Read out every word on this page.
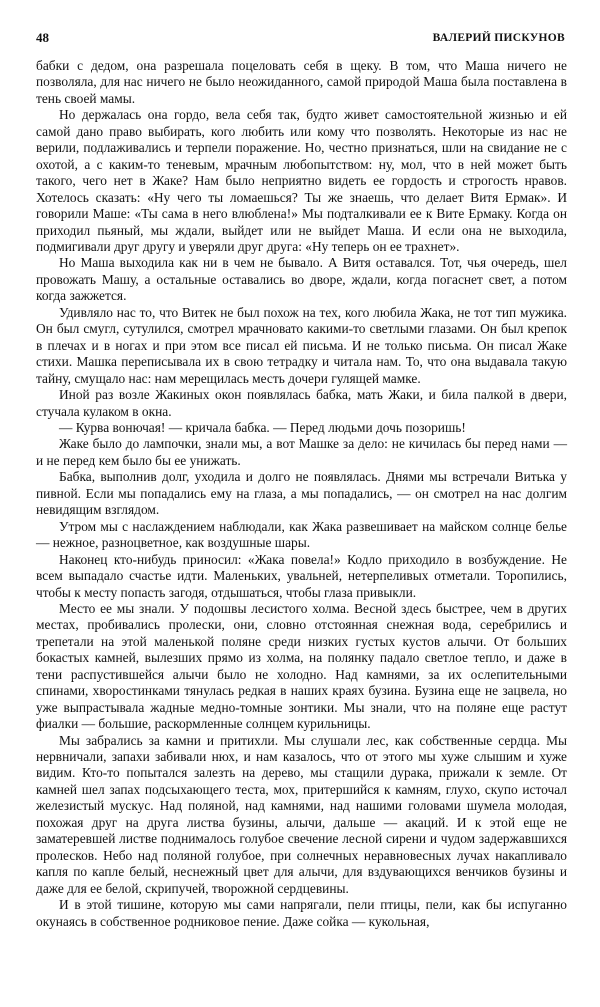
48	ВАЛЕРИЙ ПИСКУНОВ

бабки с дедом, она разрешала поцеловать себя в щеку. В том, что Маша ничего не позволяла, для нас ничего не было неожиданного, самой природой Маша была поставлена в тень своей мамы.

Но держалась она гордо, вела себя так, будто живет самостоятельной жизнью и ей самой дано право выбирать, кого любить или кому что позволять. Некоторые из нас не верили, подлаживались и терпели поражение. Но, честно признаться, шли на свидание не с охотой, а с каким-то теневым, мрачным любопытством: ну, мол, что в ней может быть такого, чего нет в Жаке? Нам было неприятно видеть ее гордость и строгость нравов. Хотелось сказать: «Ну чего ты ломаешься? Ты же знаешь, что делает Витя Ермак». И говорили Маше: «Ты сама в него влюблена!» Мы подталкивали ее к Вите Ермаку. Когда он приходил пьяный, мы ждали, выйдет или не выйдет Маша. И если она не выходила, подмигивали друг другу и уверяли друг друга: «Ну теперь он ее трахнет».

Но Маша выходила как ни в чем не бывало. А Витя оставался. Тот, чья очередь, шел провожать Машу, а остальные оставались во дворе, ждали, когда погаснет свет, а потом когда зажжется.

Удивляло нас то, что Витек не был похож на тех, кого любила Жака, не тот тип мужика. Он был смугл, сутулился, смотрел мрачновато какими-то светлыми глазами. Он был крепок в плечах и в ногах и при этом все писал ей письма. И не только письма. Он писал Жаке стихи. Машка переписывала их в свою тетрадку и читала нам. То, что она выдавала такую тайну, смущало нас: нам мерещилась месть дочери гулящей мамке.

Иной раз возле Жакиных окон появлялась бабка, мать Жаки, и била палкой в двери, стучала кулаком в окна.

— Курва вонючая! — кричала бабка. — Перед людьми дочь позоришь!

Жаке было до лампочки, знали мы, а вот Машке за дело: не кичилась бы перед нами — и не перед кем было бы ее унижать.

Бабка, выполнив долг, уходила и долго не появлялась. Днями мы встречали Витька у пивной. Если мы попадались ему на глаза, а мы попадались, — он смотрел на нас долгим невидящим взглядом.

Утром мы с наслаждением наблюдали, как Жака развешивает на майском солнце белье — нежное, разноцветное, как воздушные шары.

Наконец кто-нибудь приносил: «Жака повела!» Кодло приходило в возбуждение. Не всем выпадало счастье идти. Маленьких, увальней, нетерпеливых отметали. Торопились, чтобы к месту попасть загодя, отдышаться, чтобы глаза привыкли.

Место ее мы знали. У подошвы лесистого холма. Весной здесь быстрее, чем в других местах, пробивались пролески, они, словно отстоянная снежная вода, серебрились и трепетали на этой маленькой поляне среди низких густых кустов алычи. От больших бокастых камней, вылезших прямо из холма, на полянку падало светлое тепло, и даже в тени распустившейся алычи было не холодно. Над камнями, за их ослепительными спинами, хворостинками тянулась редкая в наших краях бузина. Бузина еще не зацвела, но уже выпрастывала жадные медно-томные зонтики. Мы знали, что на поляне еще растут фиалки — большие, раскормленные солнцем курильницы.

Мы забрались за камни и притихли. Мы слушали лес, как собственные сердца. Мы нервничали, запахи забивали нюх, и нам казалось, что от этого мы хуже слышим и хуже видим. Кто-то попытался залезть на дерево, мы стащили дурака, прижали к земле. От камней шел запах подсыхающего теста, мох, притершийся к камням, глухо, скупо источал железистый мускус. Над поляной, над камнями, над нашими головами шумела молодая, похожая друг на друга листва бузины, алычи, дальше — акаций. И к этой еще не заматеревшей листве поднималось голубое свечение лесной сирени и чудом задержавшихся пролесков. Небо над поляной голубое, при солнечных неравновесных лучах накапливало капля по капле белый, неснежный цвет для алычи, для вздувающихся венчиков бузины и даже для ее белой, скрипучей, творожной сердцевины.

И в этой тишине, которую мы сами напрягали, пели птицы, пели, как бы испуганно окунаясь в собственное родниковое пение. Даже сойка — кукольная,
